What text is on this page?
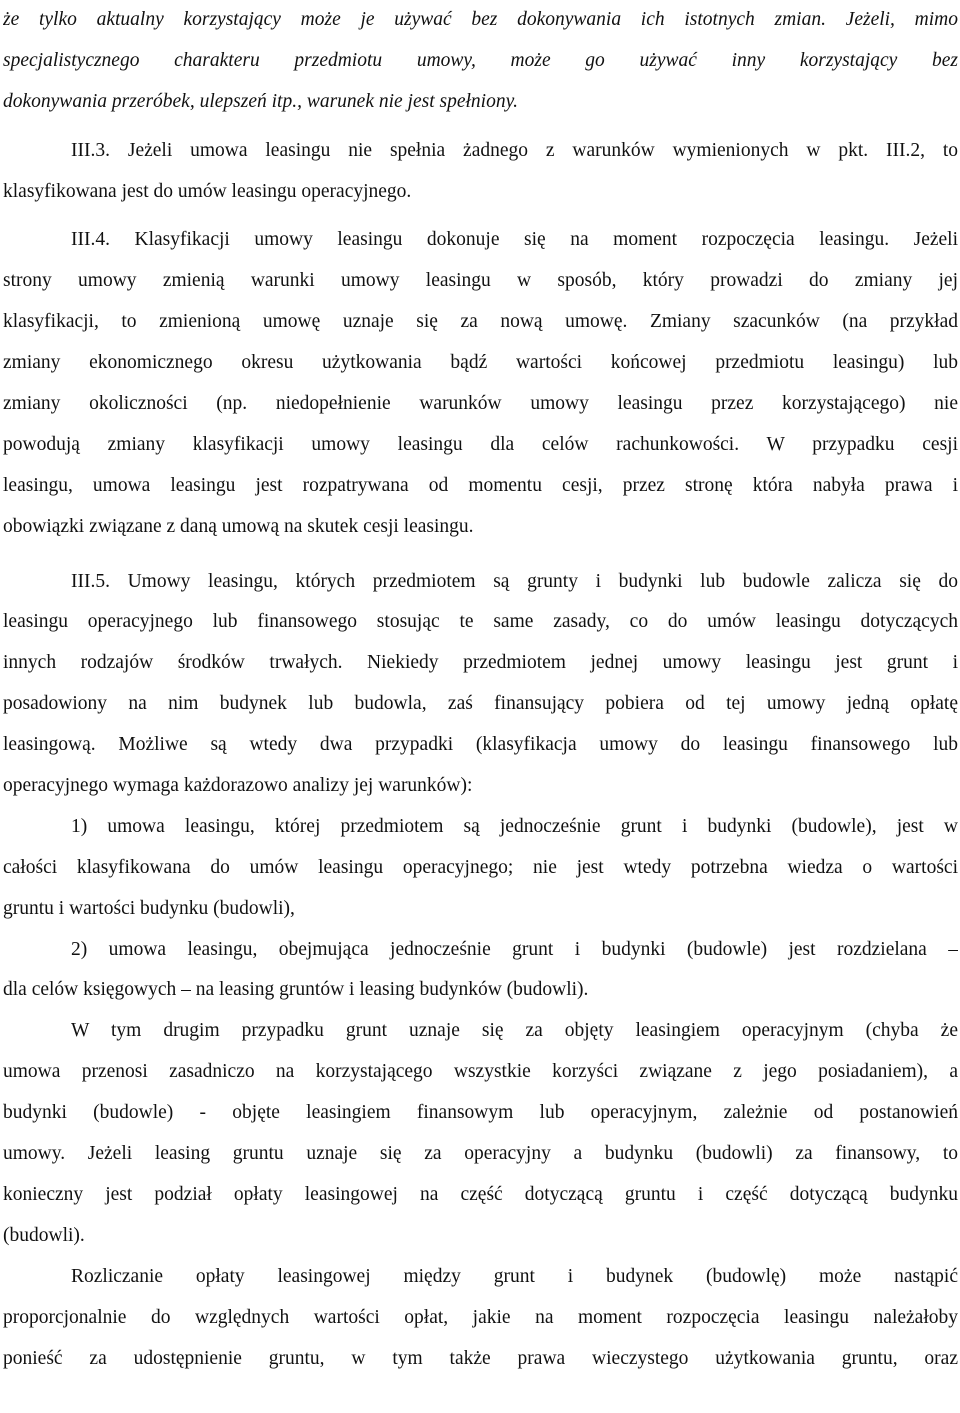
że tylko aktualny korzystający może je używać bez dokonywania ich istotnych zmian. Jeżeli, mimo
specjalistycznego charakteru przedmiotu umowy, może go używać inny korzystający bez
dokonywania przeróbek, ulepszeń itp., warunek nie jest spełniony.
III.3. Jeżeli umowa leasingu nie spełnia żadnego z warunków wymienionych w pkt. III.2, to
klasyfikowana jest do umów leasingu operacyjnego.
III.4. Klasyfikacji umowy leasingu dokonuje się na moment rozpoczęcia leasingu. Jeżeli
strony umowy zmienią warunki umowy leasingu w sposób, który prowadzi do zmiany jej
klasyfikacji, to zmienioną umowę uznaje się za nową umowę. Zmiany szacunków (na przykład
zmiany ekonomicznego okresu użytkowania bądź wartości końcowej przedmiotu leasingu) lub
zmiany okoliczności (np. niedopełnienie warunków umowy leasingu przez korzystającego) nie
powodują zmiany klasyfikacji umowy leasingu dla celów rachunkowości. W przypadku cesji
leasingu, umowa leasingu jest rozpatrywana od momentu cesji, przez stronę która nabyła prawa i
obowiązki związane z daną umową na skutek cesji leasingu.
III.5. Umowy leasingu, których przedmiotem są grunty i budynki lub budowle zalicza się do
leasingu operacyjnego lub finansowego stosując te same zasady, co do umów leasingu dotyczących
innych rodzajów środków trwałych. Niekiedy przedmiotem jednej umowy leasingu jest grunt i
posadowiony na nim budynek lub budowla, zaś finansujący pobiera od tej umowy jedną opłatę
leasingową. Możliwe są wtedy dwa przypadki (klasyfikacja umowy do leasingu finansowego lub
operacyjnego wymaga każdorazowo analizy jej warunków):
1) umowa leasingu, której przedmiotem są jednocześnie grunt i budynki (budowle), jest w
całości klasyfikowana do umów leasingu operacyjnego; nie jest wtedy potrzebna wiedza o wartości
gruntu i wartości budynku (budowli),
2) umowa leasingu, obejmująca jednocześnie grunt i budynki (budowle) jest rozdzielana –
dla celów księgowych – na leasing gruntów i leasing budynków (budowli).
W tym drugim przypadku grunt uznaje się za objęty leasingiem operacyjnym (chyba że
umowa przenosi zasadniczo na korzystającego wszystkie korzyści związane z jego posiadaniem), a
budynki (budowle) - objęte leasingiem finansowym lub operacyjnym, zależnie od postanowień
umowy. Jeżeli leasing gruntu uznaje się za operacyjny a budynku (budowli) za finansowy, to
konieczny jest podział opłaty leasingowej na część dotyczącą gruntu i część dotyczącą budynku
(budowli).
Rozliczanie opłaty leasingowej między grunt i budynek (budowlę) może nastąpić
proporcjonalnie do względnych wartości opłat, jakie na moment rozpoczęcia leasingu należałoby
ponieść za udostępnienie gruntu, w tym także prawa wieczystego użytkowania gruntu, oraz
